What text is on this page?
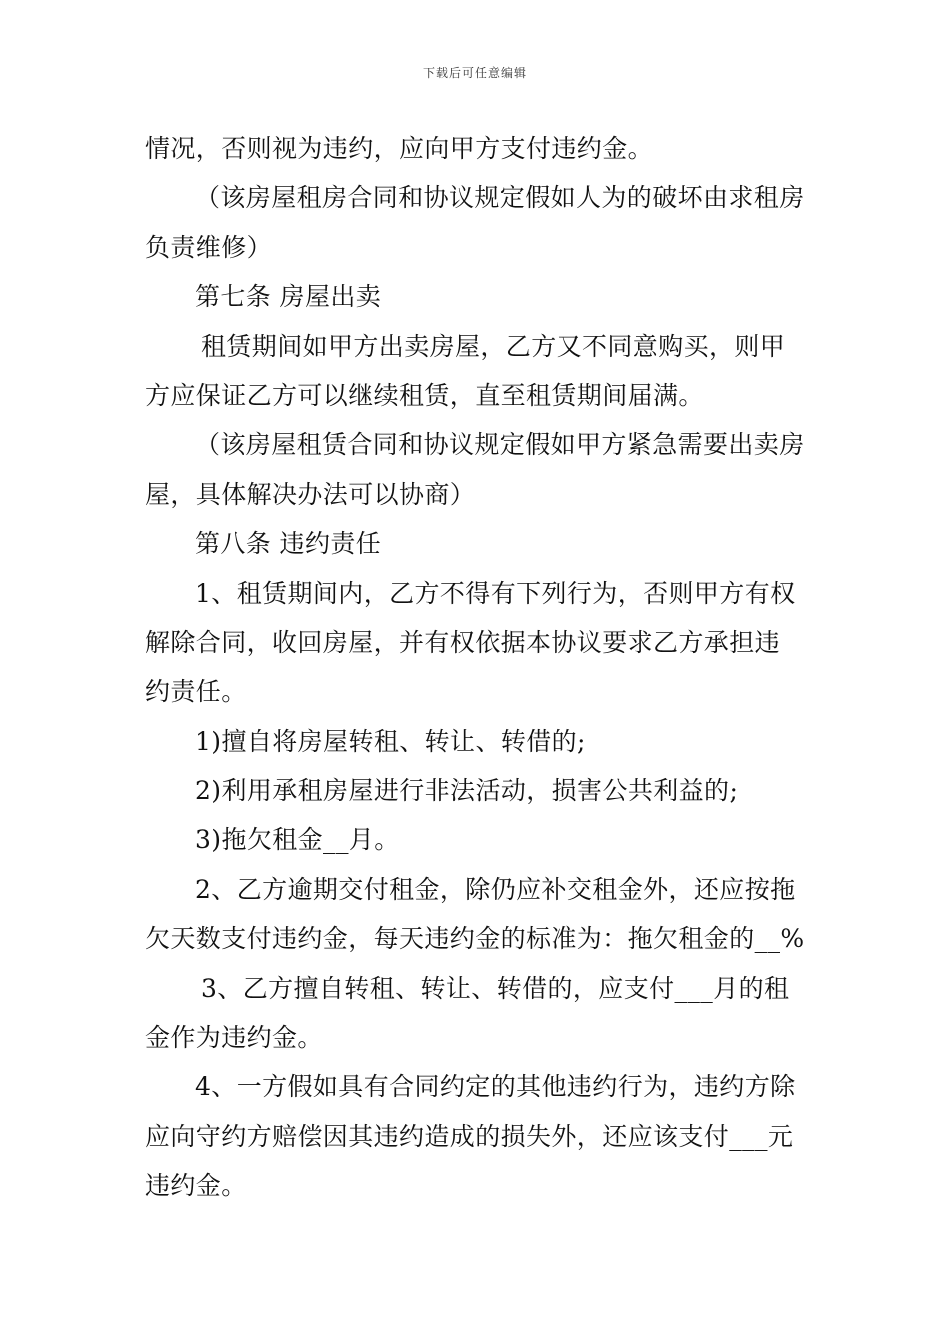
下载后可任意编辑
情况，否则视为违约，应向甲方支付违约金。
（该房屋租房合同和协议规定假如人为的破坏由求租房
负责维修）
第七条 房屋出卖
租赁期间如甲方出卖房屋，乙方又不同意购买，则甲
方应保证乙方可以继续租赁，直至租赁期间届满。
（该房屋租赁合同和协议规定假如甲方紧急需要出卖房
屋，具体解决办法可以协商）
第八条 违约责任
1、租赁期间内，乙方不得有下列行为，否则甲方有权
解除合同，收回房屋，并有权依据本协议要求乙方承担违
约责任。
1)擅自将房屋转租、转让、转借的;
2)利用承租房屋进行非法活动，损害公共利益的;
3)拖欠租金__月。
2、乙方逾期交付租金，除仍应补交租金外，还应按拖
欠天数支付违约金，每天违约金的标准为：拖欠租金的__%
3、乙方擅自转租、转让、转借的，应支付___月的租
金作为违约金。
4、一方假如具有合同约定的其他违约行为，违约方除
应向守约方赔偿因其违约造成的损失外，还应该支付___元
违约金。
